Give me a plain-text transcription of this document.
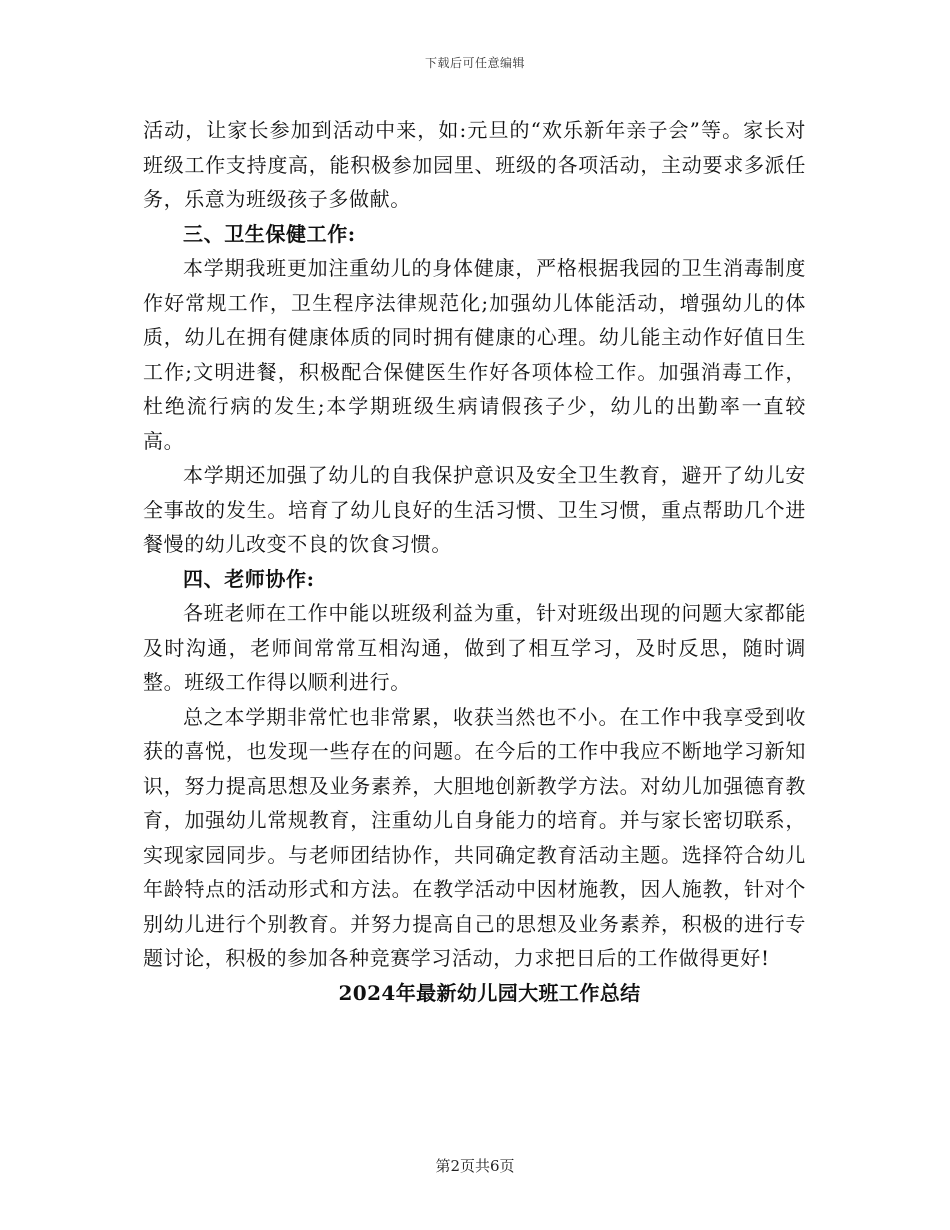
下载后可任意编辑

活动，让家长参加到活动中来，如:元旦的“欢乐新年亲子会”等。家长对班级工作支持度高，能积极参加园里、班级的各项活动，主动要求多派任务，乐意为班级孩子多做献。

三、卫生保健工作:

本学期我班更加注重幼儿的身体健康，严格根据我园的卫生消毒制度作好常规工作，卫生程序法律规范化;加强幼儿体能活动，增强幼儿的体质，幼儿在拥有健康体质的同时拥有健康的心理。幼儿能主动作好值日生工作;文明进餐，积极配合保健医生作好各项体检工作。加强消毒工作，杜绝流行病的发生;本学期班级生病请假孩子少，幼儿的出勤率一直较高。

本学期还加强了幼儿的自我保护意识及安全卫生教育，避开了幼儿安全事故的发生。培育了幼儿良好的生活习惯、卫生习惯，重点帮助几个进餐慢的幼儿改变不良的饮食习惯。

四、老师协作:

各班老师在工作中能以班级利益为重，针对班级出现的问题大家都能及时沟通，老师间常常互相沟通，做到了相互学习，及时反思，随时调整。班级工作得以顺利进行。

总之本学期非常忙也非常累，收获当然也不小。在工作中我享受到收获的喜悦，也发现一些存在的问题。在今后的工作中我应不断地学习新知识，努力提高思想及业务素养，大胆地创新教学方法。对幼儿加强德育教育，加强幼儿常规教育，注重幼儿自身能力的培育。并与家长密切联系，实现家园同步。与老师团结协作，共同确定教育活动主题。选择符合幼儿年龄特点的活动形式和方法。在教学活动中因材施教，因人施教，针对个别幼儿进行个别教育。并努力提高自己的思想及业务素养，积极的进行专题讨论，积极的参加各种竞赛学习活动，力求把日后的工作做得更好!

2024年最新幼儿园大班工作总结

第2页共6页
